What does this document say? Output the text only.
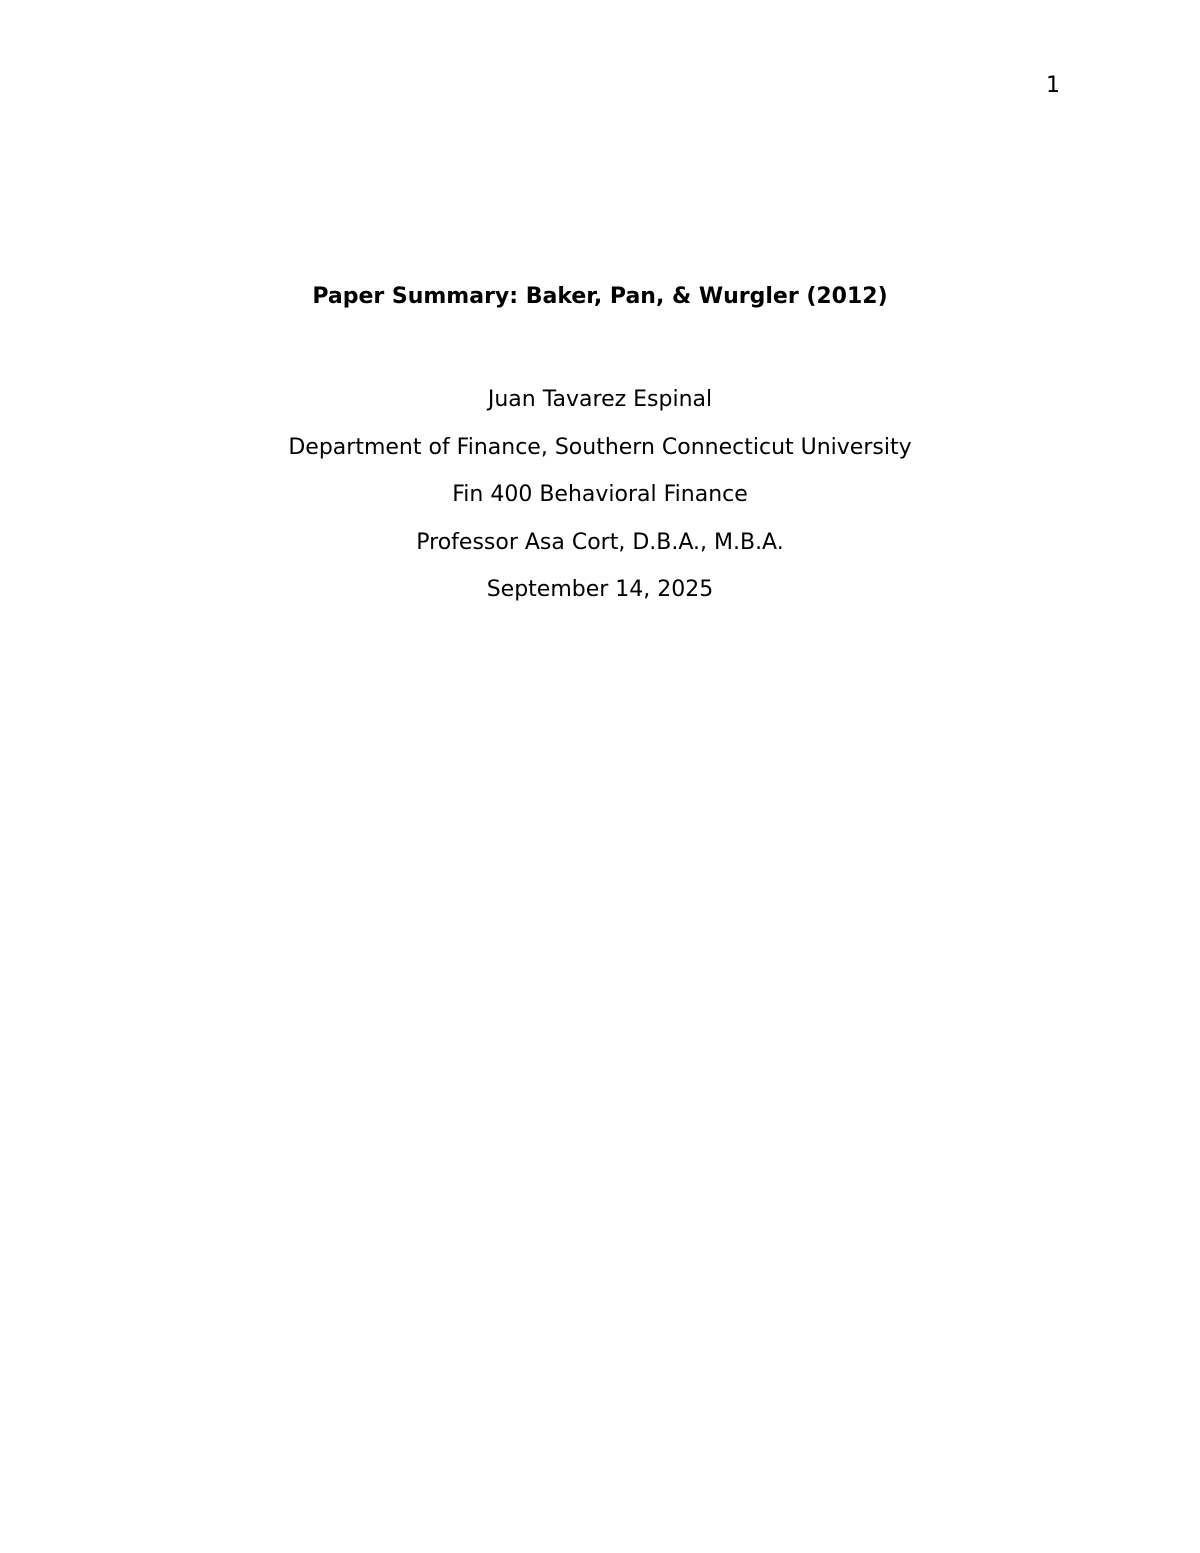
1
Paper Summary: Baker, Pan, & Wurgler (2012)
Juan Tavarez Espinal
Department of Finance, Southern Connecticut University
Fin 400 Behavioral Finance
Professor Asa Cort, D.B.A., M.B.A.
September 14, 2025
